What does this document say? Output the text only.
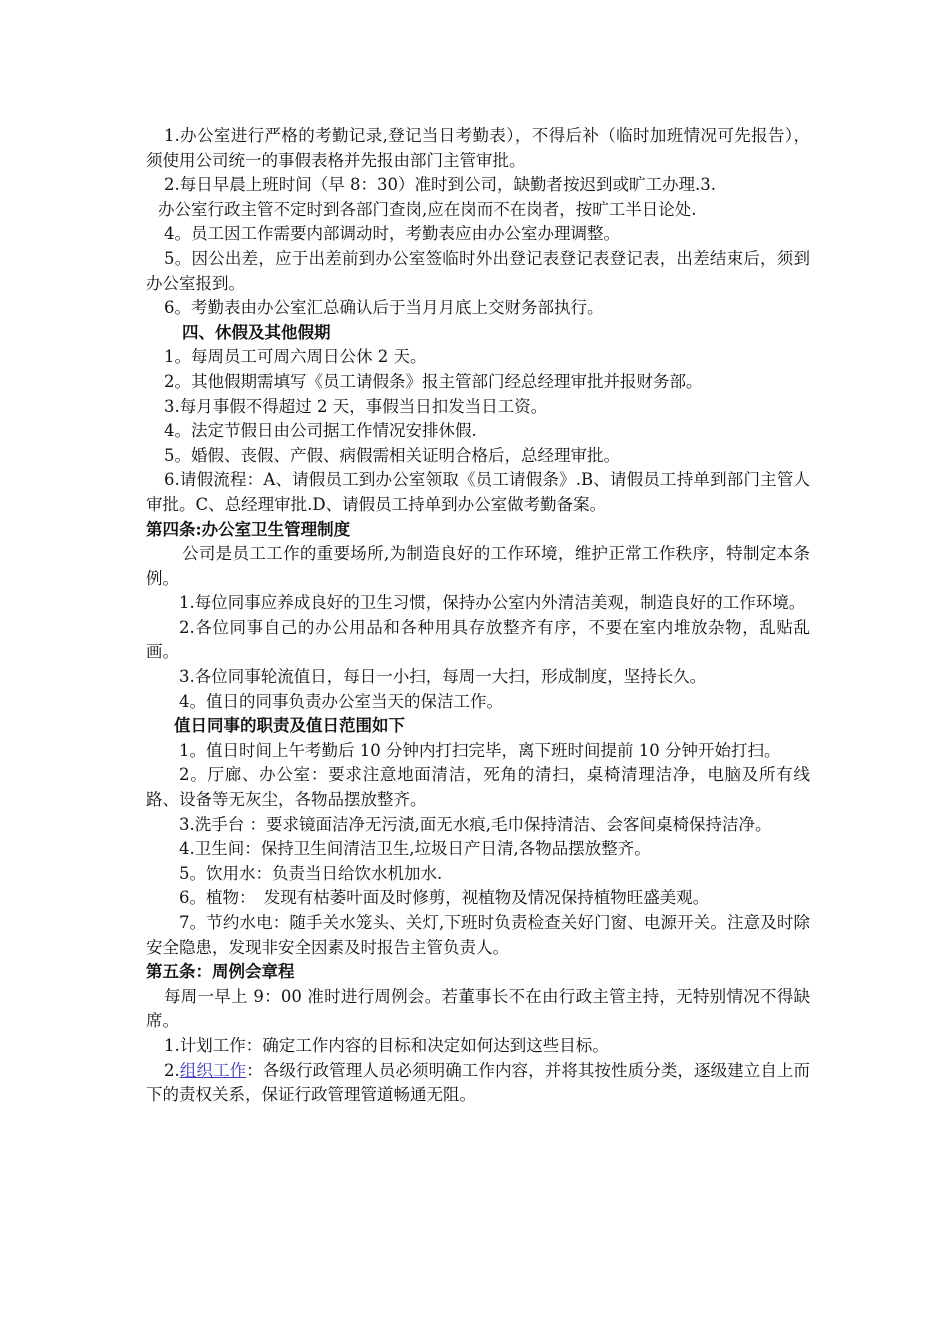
1.办公室进行严格的考勤记录,登记当日考勤表），不得后补（临时加班情况可先报告），须使用公司统一的事假表格并先报由部门主管审批。

2.每日早晨上班时间（早 8：30）准时到公司，缺勤者按迟到或旷工办理.3.

办公室行政主管不定时到各部门查岗,应在岗而不在岗者，按旷工半日论处.

4。员工因工作需要内部调动时，考勤表应由办公室办理调整。

5。因公出差，应于出差前到办公室签临时外出登记表登记表登记表，出差结束后，须到办公室报到。

6。考勤表由办公室汇总确认后于当月月底上交财务部执行。

四、休假及其他假期

1。每周员工可周六周日公休 2 天。

2。其他假期需填写《员工请假条》报主管部门经总经理审批并报财务部。

3.每月事假不得超过 2 天，事假当日扣发当日工资。

4。法定节假日由公司据工作情况安排休假.

5。婚假、丧假、产假、病假需相关证明合格后，总经理审批。

6.请假流程：A、请假员工到办公室领取《员工请假条》.B、请假员工持单到部门主管人审批。C、总经理审批.D、请假员工持单到办公室做考勤备案。

第四条:办公室卫生管理制度

公司是员工工作的重要场所,为制造良好的工作环境，维护正常工作秩序，特制定本条例。

1.每位同事应养成良好的卫生习惯，保持办公室内外清洁美观，制造良好的工作环境。

2.各位同事自己的办公用品和各种用具存放整齐有序，不要在室内堆放杂物，乱贴乱画。

3.各位同事轮流值日，每日一小扫，每周一大扫，形成制度，坚持长久。

4。值日的同事负责办公室当天的保洁工作。

值日同事的职责及值日范围如下

1。值日时间上午考勤后 10 分钟内打扫完毕，离下班时间提前 10 分钟开始打扫。

2。厅廊、办公室：要求注意地面清洁，死角的清扫，桌椅清理洁净，电脑及所有线路、设备等无灰尘，各物品摆放整齐。

3.洗手台 ：要求镜面洁净无污渍,面无水痕,毛巾保持清洁、会客间桌椅保持洁净。

4.卫生间：保持卫生间清洁卫生,垃圾日产日清,各物品摆放整齐。

5。饮用水：负责当日给饮水机加水.

6。植物：　发现有枯萎叶面及时修剪，视植物及情况保持植物旺盛美观。

7。节约水电：随手关水笼头、关灯,下班时负责检查关好门窗、电源开关。注意及时除安全隐患，发现非安全因素及时报告主管负责人。

第五条：周例会章程

每周一早上 9：00 准时进行周例会。若董事长不在由行政主管主持，无特别情况不得缺席。

1.计划工作：确定工作内容的目标和决定如何达到这些目标。

2.组织工作：各级行政管理人员必须明确工作内容，并将其按性质分类，逐级建立自上而下的责权关系，保证行政管理管道畅通无阻。
